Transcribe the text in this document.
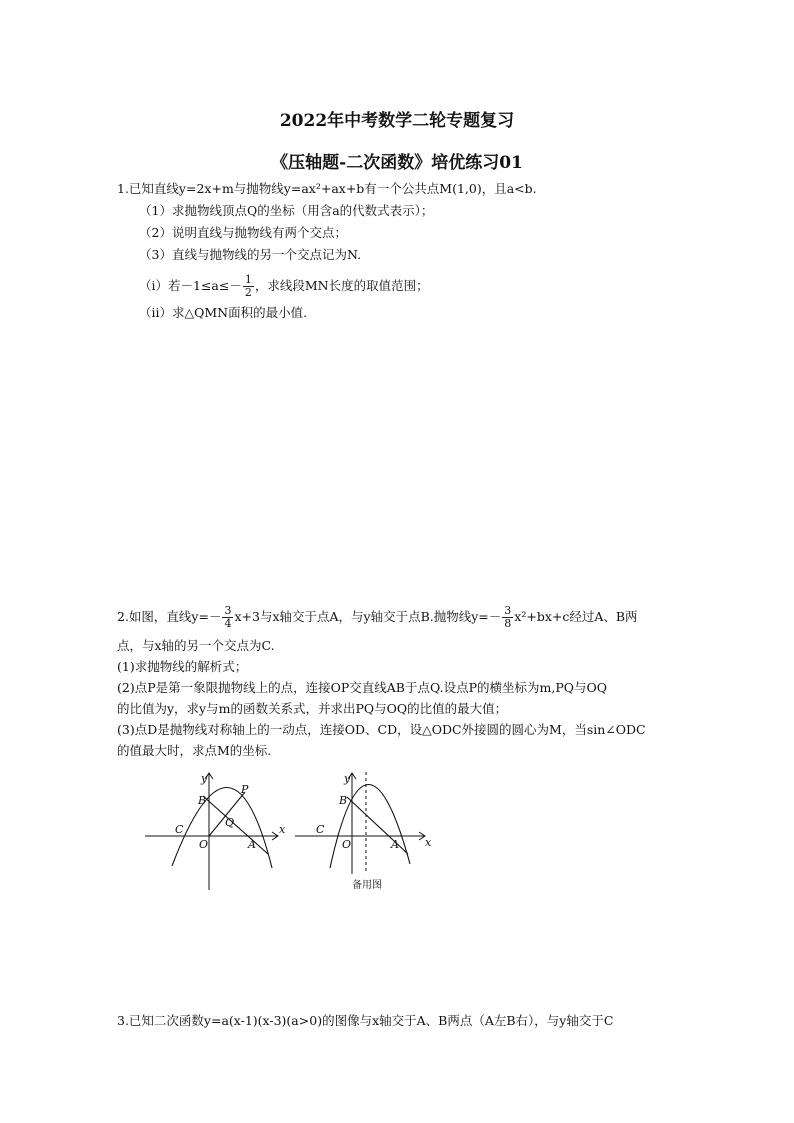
2022年中考数学二轮专题复习
《压轴题-二次函数》培优练习01
1.已知直线y=2x+m与抛物线y=ax²+ax+b有一个公共点M(1,0)，且a<b.
（1）求抛物线顶点Q的坐标（用含a的代数式表示）；
（2）说明直线与抛物线有两个交点；
（3）直线与抛物线的另一个交点记为N.
（ⅰ）若$-1\le a\le- \frac{1}{2}$ ，求线段MN长度的取值范围；
（ⅱ）求△QMN面积的最小值.
2.如图，直线$y=- \frac{3}{4} x+3$与x轴交于点A，与y轴交于点B.抛物线$y=- \frac{3}{8} x^2+bx+c$经过A、B两
点，与x轴的另一个交点为C.
(1)求抛物线的解析式；
(2)点P是第一象限抛物线上的点，连接OP交直线AB于点Q.设点P的横坐标为m,PQ与OQ
的比值为y，求y与m的函数关系式，并求出PQ与OQ的比值的最大值；
(3)点D是抛物线对称轴上的一动点，连接OD、CD，设△ODC外接圆的圆心为M，当sin∠ODC
的值最大时，求点M的坐标.
y
x
B
P
Q
C
O	A
y
x
B
C
O	A
备用图
3.已知二次函数y=a(x-1)(x-3)(a>0)的图像与x轴交于A、B两点（A左B右），与y轴交于C
